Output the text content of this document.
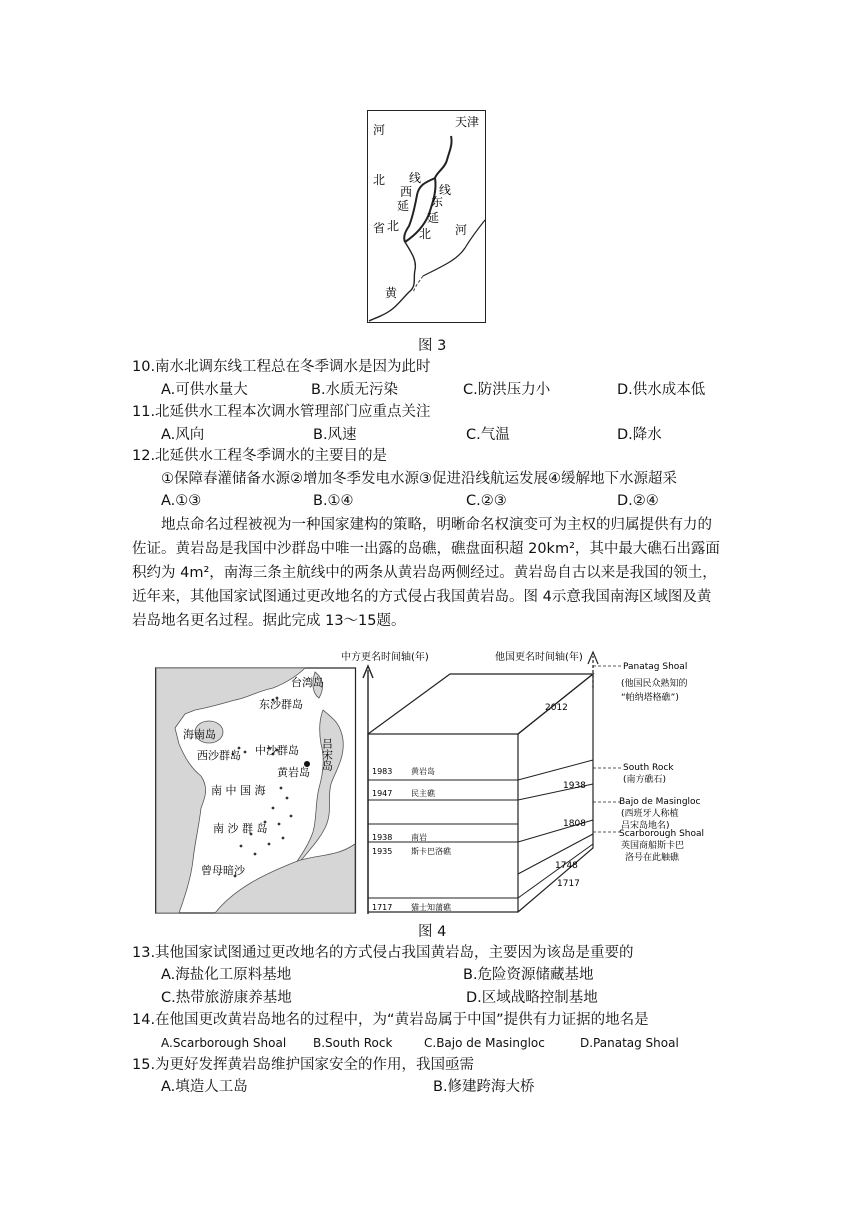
河
天津
北 线
西 线
延 东
省 北
延
北 河
黄
图 3
10.南水北调东线工程总在冬季调水是因为此时
A.可供水量大	B.水质无污染	C.防洪压力小	D.供水成本低
11.北延供水工程本次调水管理部门应重点关注
A.风向	B.风速	C.气温	D.降水
12.北延供水工程冬季调水的主要目的是
①保障春灌储备水源②增加冬季发电水源③促进沿线航运发展④缓解地下水源超采
A.①③	B.①④	C.②③	D.②④
地点命名过程被视为一种国家建构的策略，明晰命名权演变可为主权的归属提供有力的
佐证。黄岩岛是我国中沙群岛中唯一出露的岛礁，礁盘面积超 20km²，其中最大礁石出露面
积约为 4m²，南海三条主航线中的两条从黄岩岛两侧经过。黄岩岛自古以来是我国的领土，
近年来，其他国家试图通过更改地名的方式侵占我国黄岩岛。图 4示意我国南海区域图及黄
岩岛地名更名过程。据此完成 13～15题。
台湾岛
东沙群岛
海南岛
西沙群岛 中沙群岛
黄岩岛
吕宋岛
南 中 国 海
南 沙 群 岛
曾母暗沙
中方更名时间轴(年)	他国更名时间轴(年)
1983 黄岩岛
1947 民主礁
1938 南岩
1935 斯卡巴洛礁
1717 猫士知蒲礁
2012
1938
1808
1748
1717
Panatag Shoal
(他国民众熟知的
“帕纳塔格礁”)
South Rock
(南方礁石)
Bajo de Masingloc
(西班牙人称植
吕宋岛地名)
Scarborough Shoal
英国商船斯卡巴
洛号在此触礁
图 4
13.其他国家试图通过更改地名的方式侵占我国黄岩岛，主要因为该岛是重要的
A.海盐化工原料基地	B.危险资源储藏基地
C.热带旅游康养基地	D.区域战略控制基地
14.在他国更改黄岩岛地名的过程中，为“黄岩岛属于中国”提供有力证据的地名是
A.Scarborough Shoal B.South Rock	C.Bajo de Masingloc	D.Panatag Shoal
15.为更好发挥黄岩岛维护国家安全的作用，我国亟需
A.填造人工岛	B.修建跨海大桥
